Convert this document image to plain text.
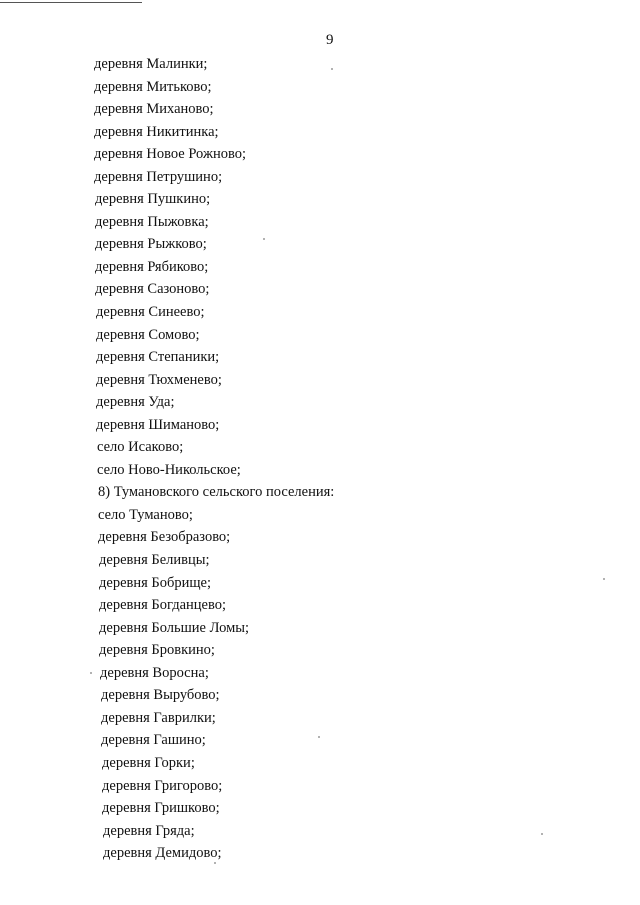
9
деревня Малинки;
деревня Митьково;
деревня Миханово;
деревня Никитинка;
деревня Новое Рожново;
деревня Петрушино;
деревня Пушкино;
деревня Пыжовка;
деревня Рыжково;
деревня Рябиково;
деревня Сазоново;
деревня Синеево;
деревня Сомово;
деревня Степаники;
деревня Тюхменево;
деревня Уда;
деревня Шиманово;
село Исаково;
село Ново-Никольское;
8) Тумановского сельского поселения:
село Туманово;
деревня Безобразово;
деревня Беливцы;
деревня Бобрище;
деревня Богданцево;
деревня Большие Ломы;
деревня Бровкино;
деревня Воросна;
деревня Вырубово;
деревня Гаврилки;
деревня Гашино;
деревня Горки;
деревня Григорово;
деревня Гришково;
деревня Гряда;
деревня Демидово;
